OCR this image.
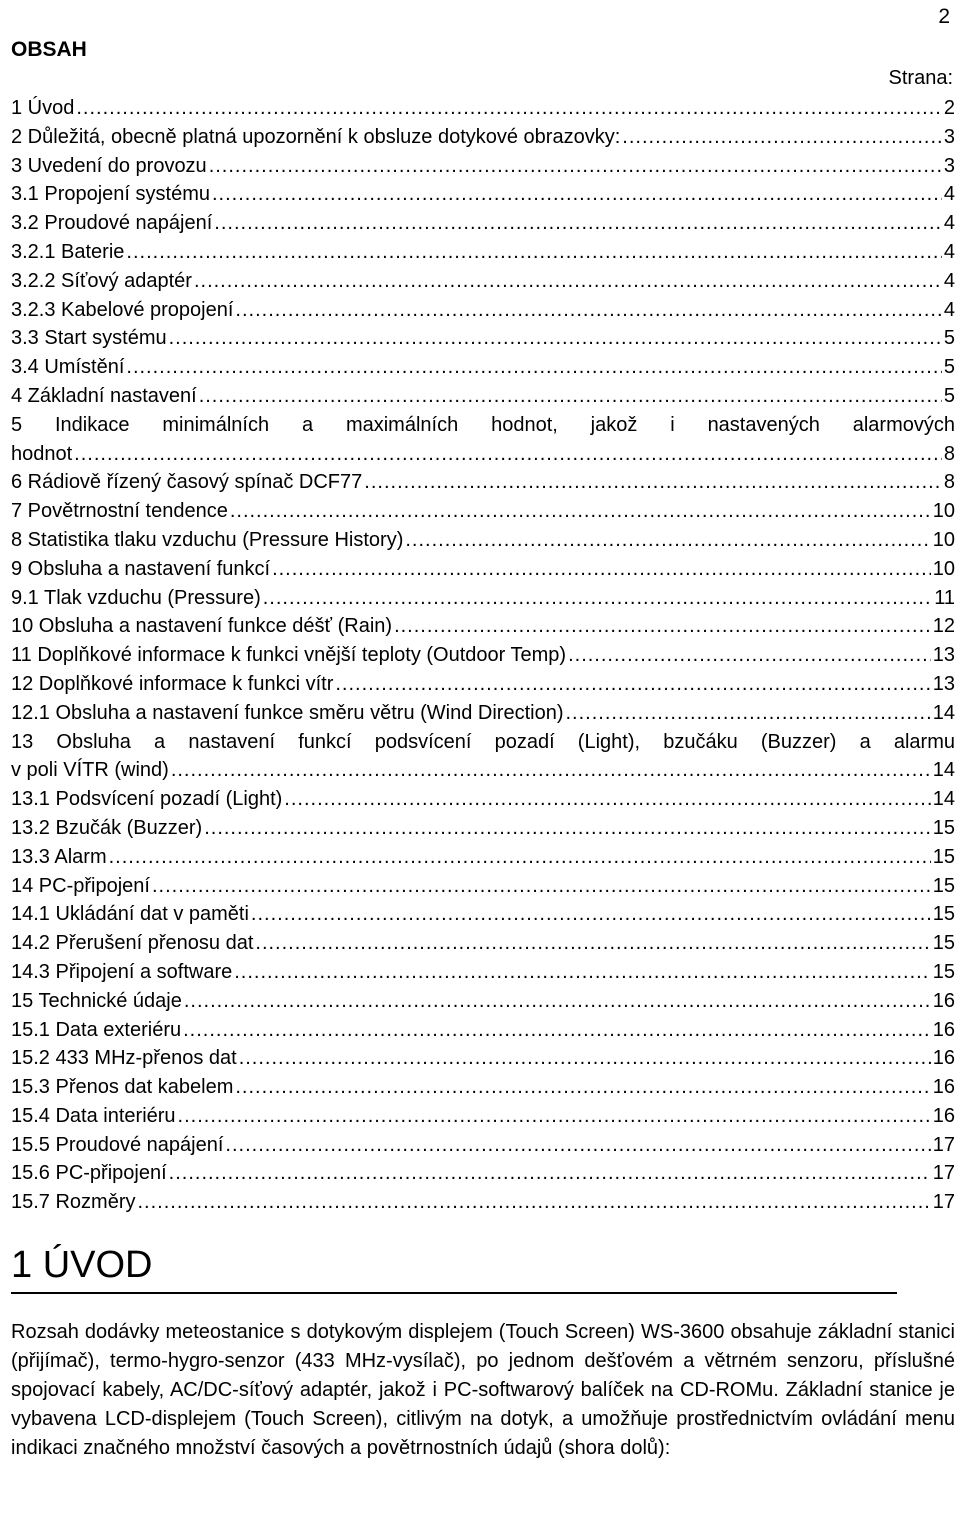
2
OBSAH
Strana:
1 Úvod .....	2
2 Důležitá, obecně platná upozornění k obsluze dotykové obrazovky: .....	3
3 Uvedení do provozu .....	3
3.1 Propojení systému .....	4
3.2 Proudové napájení .....	4
3.2.1 Baterie .....	4
3.2.2 Síťový adaptér .....	4
3.2.3 Kabelové propojení .....	4
3.3 Start systému .....	5
3.4 Umístění .....	5
4 Základní nastavení .....	5
5 Indikace minimálních a maximálních hodnot, jakož i nastavených alarmových
hodnot .....	8
6 Rádiově řízený časový spínač DCF77 .....	8
7 Povětrnostní tendence .....	10
8 Statistika tlaku vzduchu (Pressure History) .....	10
9 Obsluha a nastavení funkcí .....	10
9.1 Tlak vzduchu (Pressure) .....	11
10 Obsluha a nastavení funkce déšť (Rain) .....	12
11 Doplňkové informace k funkci vnější teploty (Outdoor Temp) .....	13
12 Doplňkové informace k funkci vítr .....	13
12.1 Obsluha a nastavení funkce směru větru (Wind Direction) .....	14
13 Obsluha a nastavení funkcí podsvícení pozadí (Light), bzučáku (Buzzer) a alarmu
v poli VÍTR (wind) .....	14
13.1 Podsvícení pozadí (Light) .....	14
13.2 Bzučák (Buzzer) .....	15
13.3 Alarm .....	15
14 PC-připojení .....	15
14.1 Ukládání dat v paměti .....	15
14.2 Přerušení přenosu dat .....	15
14.3 Připojení a software .....	15
15 Technické údaje .....	16
15.1 Data exteriéru .....	16
15.2 433 MHz-přenos dat .....	16
15.3 Přenos dat kabelem .....	16
15.4 Data interiéru .....	16
15.5 Proudové napájení .....	17
15.6 PC-připojení .....	17
15.7 Rozměry .....	17
1 ÚVOD
Rozsah dodávky meteostanice s dotykovým displejem (Touch Screen) WS-3600 obsahuje základní stanici (přijímač), termo-hygro-senzor (433 MHz-vysílač), po jednom dešťovém a větrném senzoru, příslušné spojovací kabely, AC/DC-síťový adaptér, jakož i PC-softwarový balíček na CD-ROMu. Základní stanice je vybavena LCD-displejem (Touch Screen), citlivým na dotyk, a umožňuje prostřednictvím ovládání menu indikaci značného množství časových a povětrnostních údajů (shora dolů):
